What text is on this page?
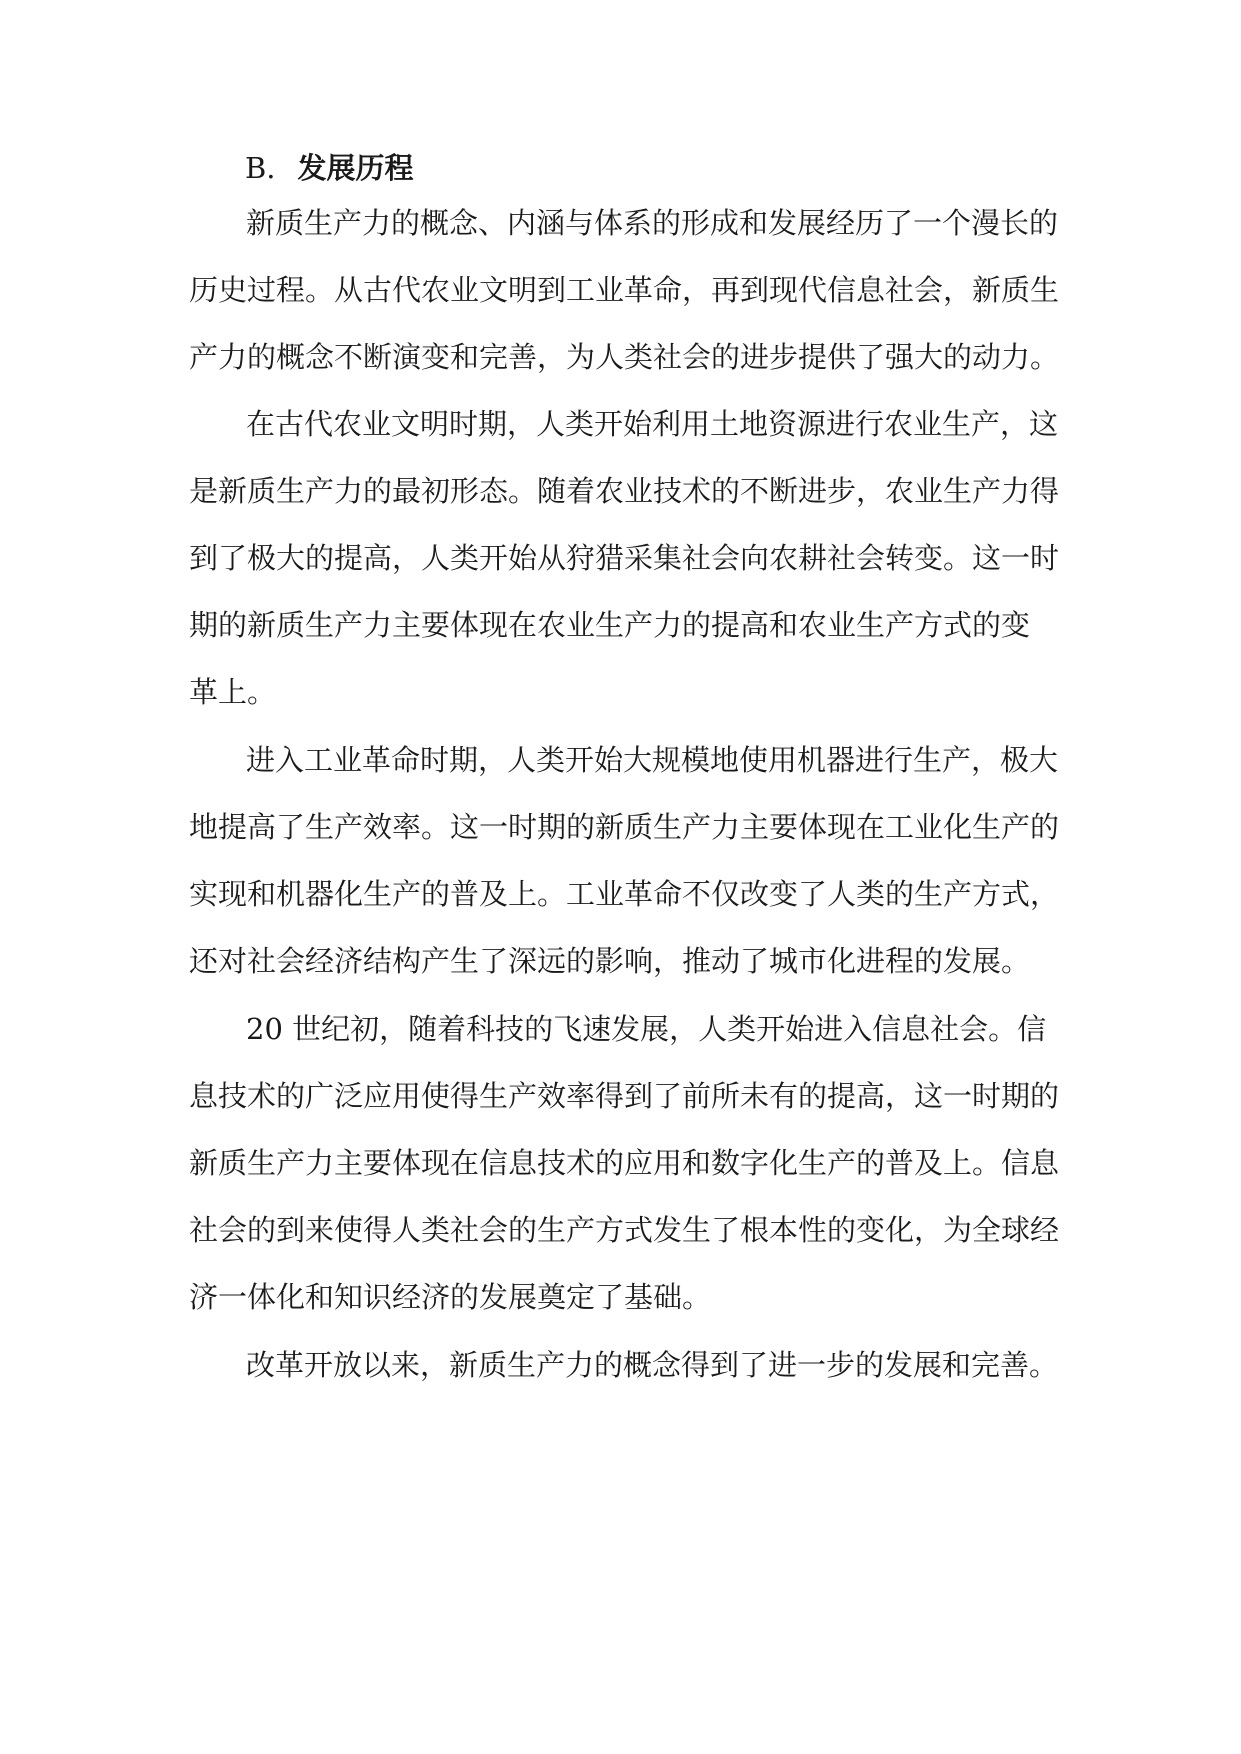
B. 发展历程
新质生产力的概念、内涵与体系的形成和发展经历了一个漫长的
历史过程。从古代农业文明到工业革命，再到现代信息社会，新质生
产力的概念不断演变和完善，为人类社会的进步提供了强大的动力。
在古代农业文明时期，人类开始利用土地资源进行农业生产，这
是新质生产力的最初形态。随着农业技术的不断进步，农业生产力得
到了极大的提高，人类开始从狩猎采集社会向农耕社会转变。这一时
期的新质生产力主要体现在农业生产力的提高和农业生产方式的变
革上。
进入工业革命时期，人类开始大规模地使用机器进行生产，极大
地提高了生产效率。这一时期的新质生产力主要体现在工业化生产的
实现和机器化生产的普及上。工业革命不仅改变了人类的生产方式，
还对社会经济结构产生了深远的影响，推动了城市化进程的发展。
20 世纪初，随着科技的飞速发展，人类开始进入信息社会。信
息技术的广泛应用使得生产效率得到了前所未有的提高，这一时期的
新质生产力主要体现在信息技术的应用和数字化生产的普及上。信息
社会的到来使得人类社会的生产方式发生了根本性的变化，为全球经
济一体化和知识经济的发展奠定了基础。
改革开放以来，新质生产力的概念得到了进一步的发展和完善。
